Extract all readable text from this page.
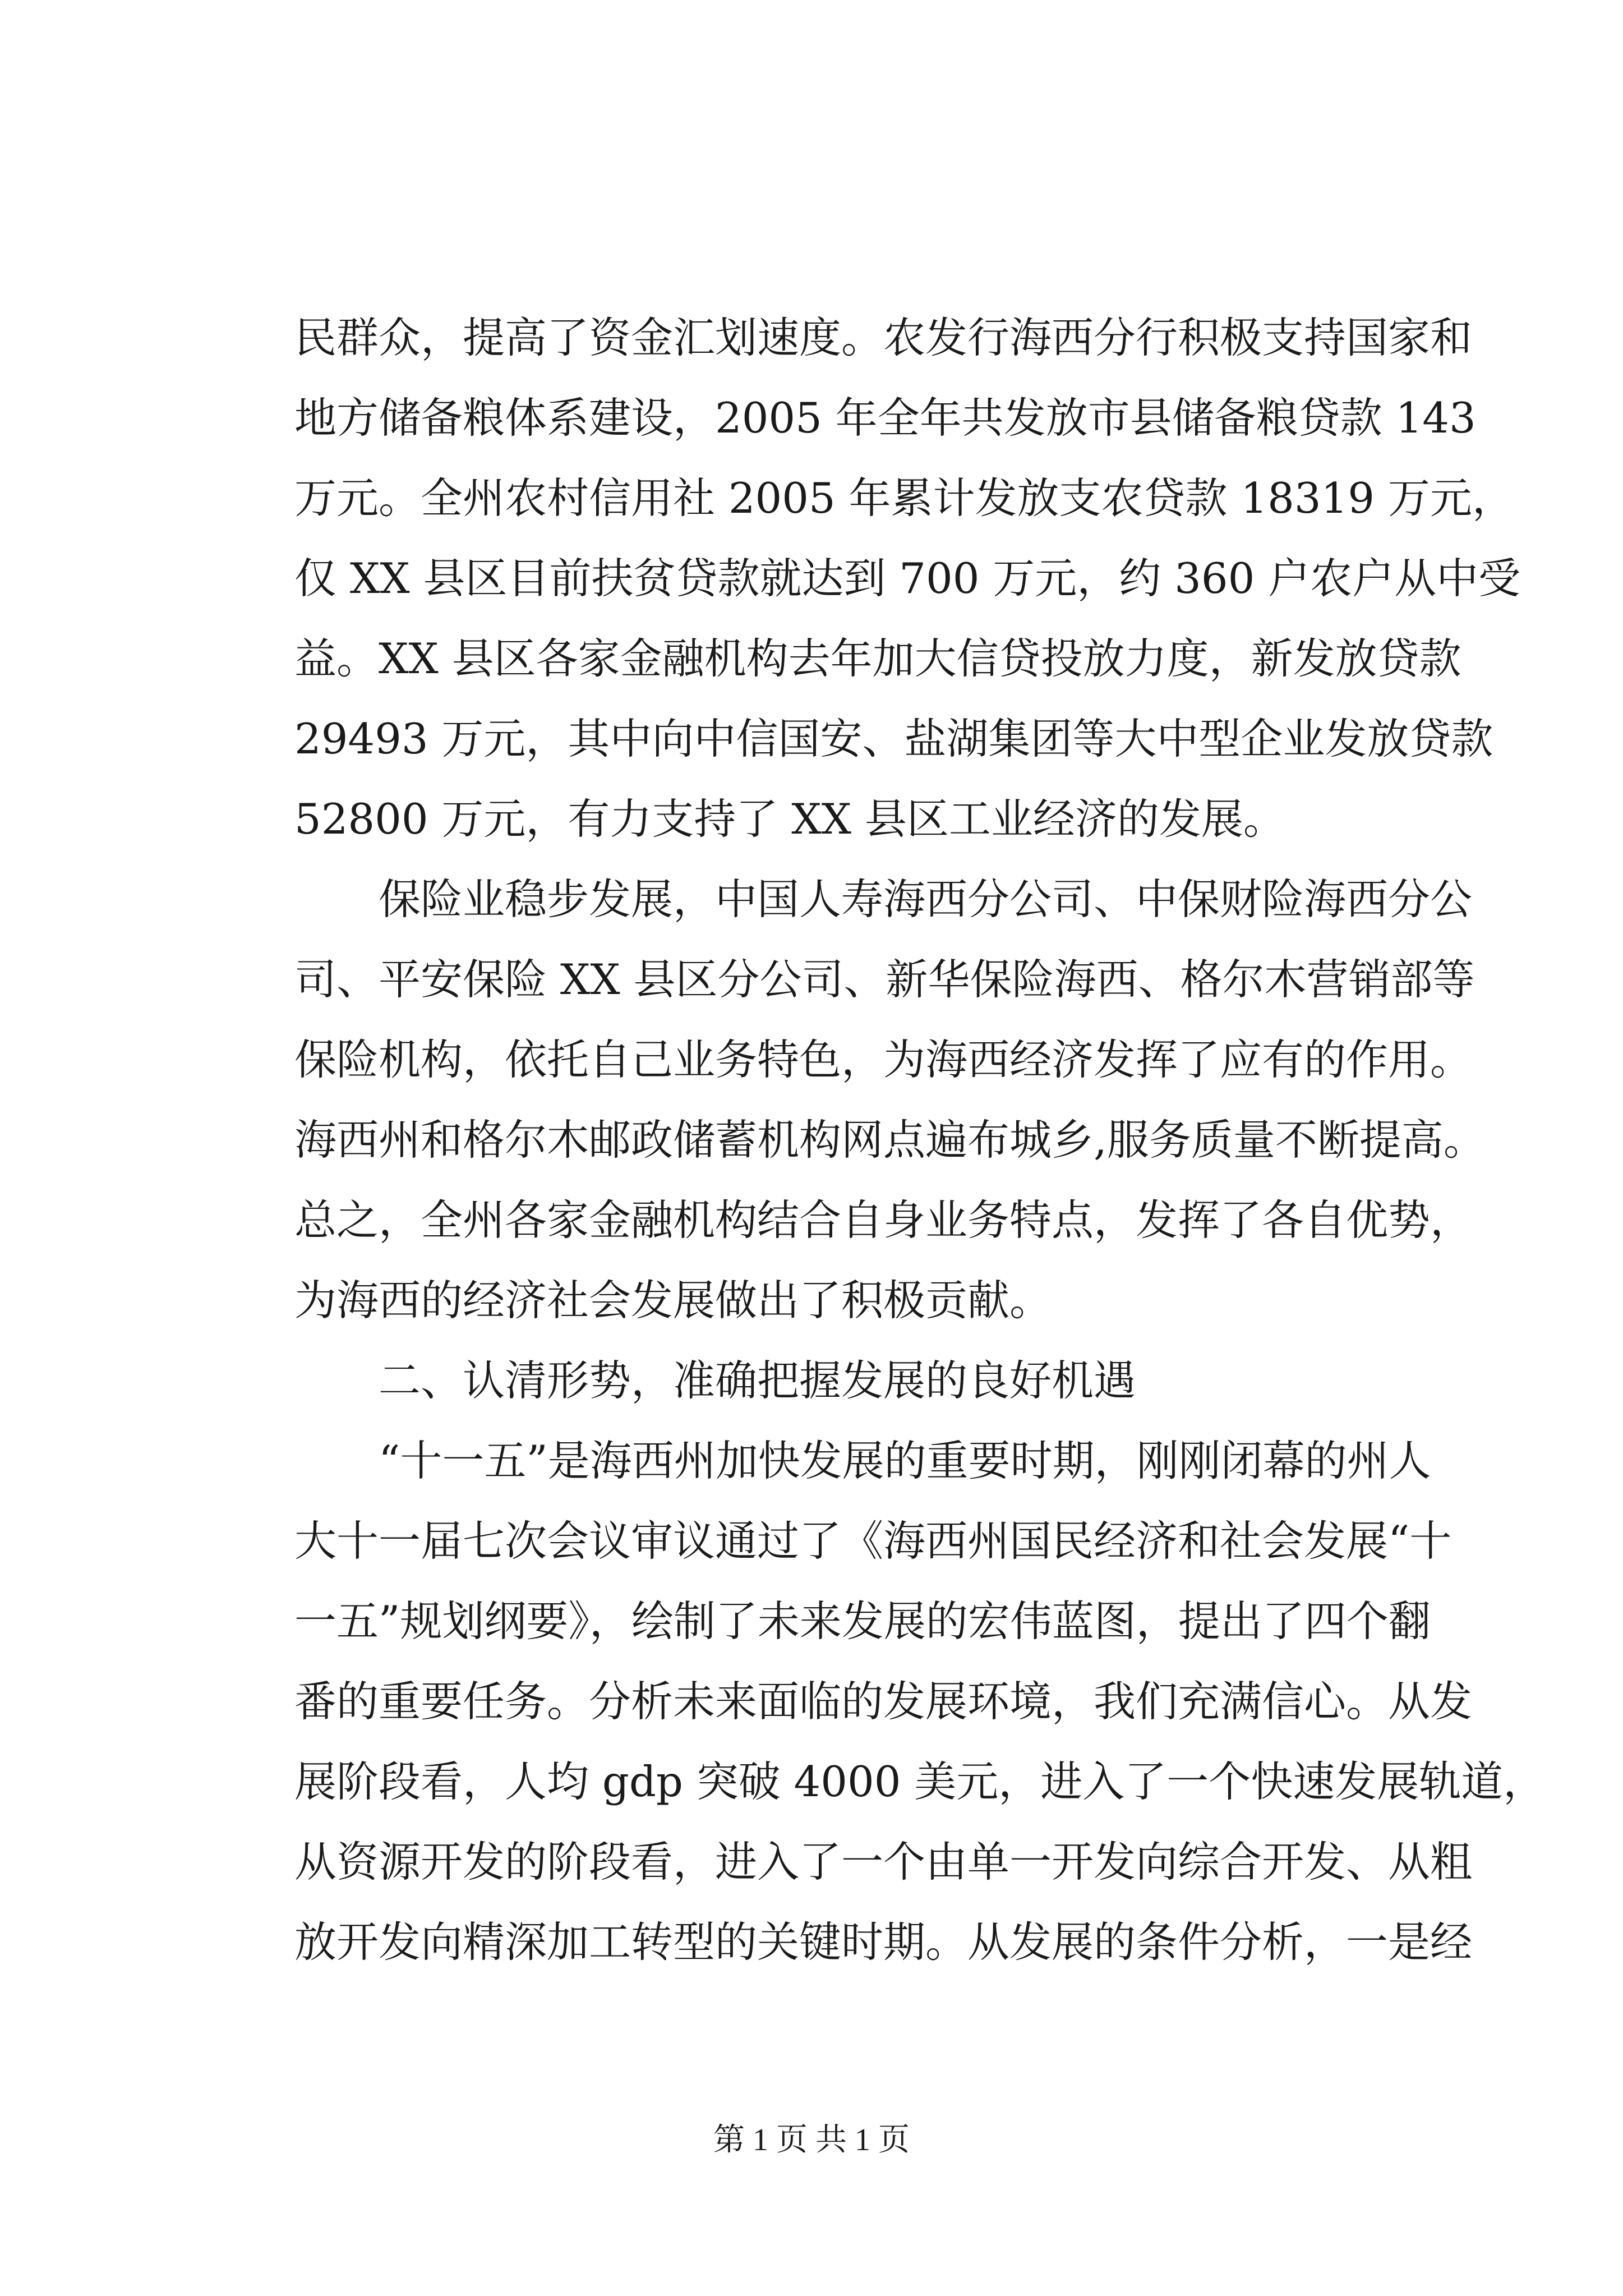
民群众，提高了资金汇划速度。农发行海西分行积极支持国家和
地方储备粮体系建设，2005 年全年共发放市县储备粮贷款 143
万元。全州农村信用社 2005 年累计发放支农贷款 18319 万元，
仅 XX 县区目前扶贫贷款就达到 700 万元，约 360 户农户从中受
益。XX 县区各家金融机构去年加大信贷投放力度，新发放贷款
29493 万元，其中向中信国安、盐湖集团等大中型企业发放贷款
52800 万元，有力支持了 XX 县区工业经济的发展。
　　保险业稳步发展，中国人寿海西分公司、中保财险海西分公
司、平安保险 XX 县区分公司、新华保险海西、格尔木营销部等
保险机构，依托自己业务特色，为海西经济发挥了应有的作用。
海西州和格尔木邮政储蓄机构网点遍布城乡,服务质量不断提高。
总之，全州各家金融机构结合自身业务特点，发挥了各自优势，
为海西的经济社会发展做出了积极贡献。
　　二、认清形势，准确把握发展的良好机遇
　　“十一五”是海西州加快发展的重要时期，刚刚闭幕的州人
大十一届七次会议审议通过了《海西州国民经济和社会发展“十
一五”规划纲要》，绘制了未来发展的宏伟蓝图，提出了四个翻
番的重要任务。分析未来面临的发展环境，我们充满信心。从发
展阶段看，人均 gdp 突破 4000 美元，进入了一个快速发展轨道，
从资源开发的阶段看，进入了一个由单一开发向综合开发、从粗
放开发向精深加工转型的关键时期。从发展的条件分析，一是经
第 1 页 共 1 页
